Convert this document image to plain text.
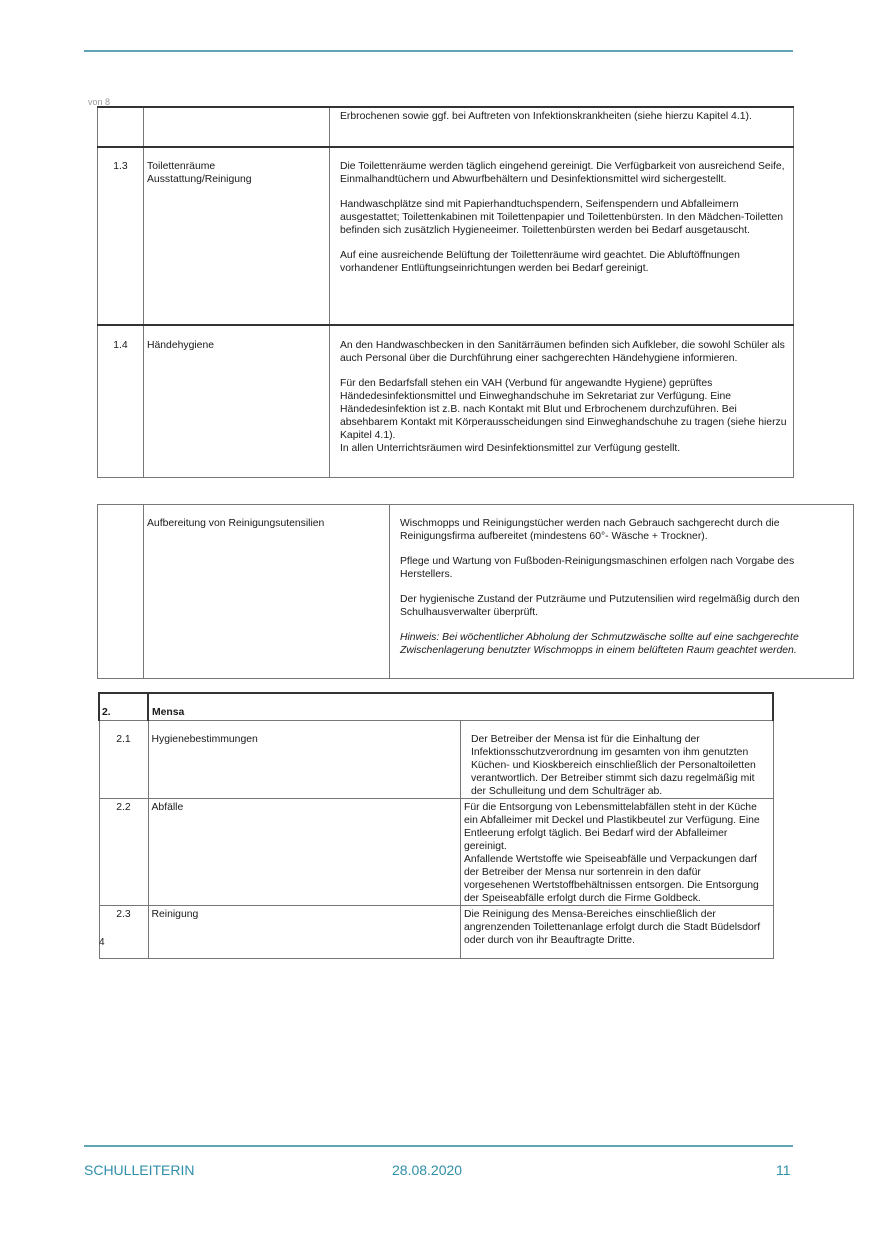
von 8

		Erbrochenen sowie ggf. bei Auftreten von Infektionskrankheiten (siehe hierzu Kapitel 4.1).

1.3	Toilettenräume Ausstattung/Reinigung	Die Toilettenräume werden täglich eingehend gereinigt. Die Verfügbarkeit von ausreichend Seife, Einmalhandtüchern und Abwurfbehältern und Desinfektionsmittel wird sichergestellt.

Handwaschplätze sind mit Papierhandtuchspendern, Seifenspendern und Abfalleimern ausgestattet; Toilettenkabinen mit Toilettenpapier und Toilettenbürsten. In den Mädchen-Toiletten befinden sich zusätzlich Hygieneeimer. Toilettenbürsten werden bei Bedarf ausgetauscht.

Auf eine ausreichende Belüftung der Toilettenräume wird geachtet. Die Abluftöffnungen vorhandener Entlüftungseinrichtungen werden bei Bedarf gereinigt.

1.4	Händehygiene	An den Handwaschbecken in den Sanitärräumen befinden sich Aufkleber, die sowohl Schüler als auch Personal über die Durchführung einer sachgerechten Händehygiene informieren.

Für den Bedarfsfall stehen ein VAH (Verbund für angewandte Hygiene) geprüftes Händedesinfektionsmittel und Einweghandschuhe im Sekretariat zur Verfügung. Eine Händedesinfektion ist z.B. nach Kontakt mit Blut und Erbrochenem durchzuführen. Bei absehbarem Kontakt mit Körperausscheidungen sind Einweghandschuhe zu tragen (siehe hierzu Kapitel 4.1).

In allen Unterrichtsräumen wird Desinfektionsmittel zur Verfügung gestellt.

	Aufbereitung von Reinigungsutensilien	Wischmopps und Reinigungstücher werden nach Gebrauch sachgerecht durch die Reinigungsfirma aufbereitet (mindestens 60°- Wäsche + Trockner).

Pflege und Wartung von Fußboden-Reinigungsmaschinen erfolgen nach Vorgabe des Herstellers.

Der hygienische Zustand der Putzräume und Putzutensilien wird regelmäßig durch den Schulhausverwalter überprüft.

Hinweis: Bei wöchentlicher Abholung der Schmutzwäsche sollte auf eine sachgerechte Zwischenlagerung benutzter Wischmopps in einem belüfteten Raum geachtet werden.

2.	Mensa	
2.1	Hygienebestimmungen	Der Betreiber der Mensa ist für die Einhaltung der Infektionsschutzverordnung im gesamten von ihm genutzten Küchen- und Kioskbereich einschließlich der Personaltoiletten verantwortlich. Der Betreiber stimmt sich dazu regelmäßig mit der Schulleitung und dem Schulträger ab.
2.2	Abfälle	Für die Entsorgung von Lebensmittelabfällen steht in der Küche ein Abfalleimer mit Deckel und Plastikbeutel zur Verfügung. Eine Entleerung erfolgt täglich. Bei Bedarf wird der Abfalleimer gereinigt.
Anfallende Wertstoffe wie Speiseabfälle und Verpackungen darf der Betreiber der Mensa nur sortenrein in den dafür vorgesehenen Wertstoffbehältnissen entsorgen. Die Entsorgung der Speiseabfälle erfolgt durch die Firme Goldbeck.

2.3	Reinigung	Die Reinigung des Mensa-Bereiches einschließlich der angrenzenden Toilettenanlage erfolgt durch die Stadt Büdelsdorf oder durch von ihr Beauftragte Dritte.
4
SCHULLEITERIN	28.08.2020	11
